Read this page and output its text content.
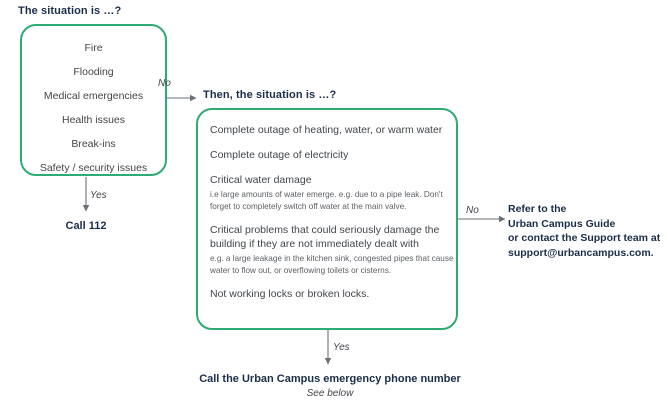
The situation is …?
Then, the situation is …?
Fire
Flooding
Medical emergencies
Health issues
Break-ins
Safety / security issues
Complete outage of heating, water, or warm water
Complete outage of electricity
Critical water damage
i.e large amounts of water emerge. e.g. due to a pipe leak. Don't forget to completely switch off water at the main valve.
Critical problems that could seriously damage the building if they are not immediately dealt with
e.g. a large leakage in the kitchen sink, congested pipes that cause water to flow out, or overflowing toilets or cisterns.
Not working locks or broken locks.
No
Yes
No
Yes
Call 112
Refer to the
Urban Campus Guide
or contact the Support team at
support@urbancampus.com.
Call the Urban Campus emergency phone number
See below
